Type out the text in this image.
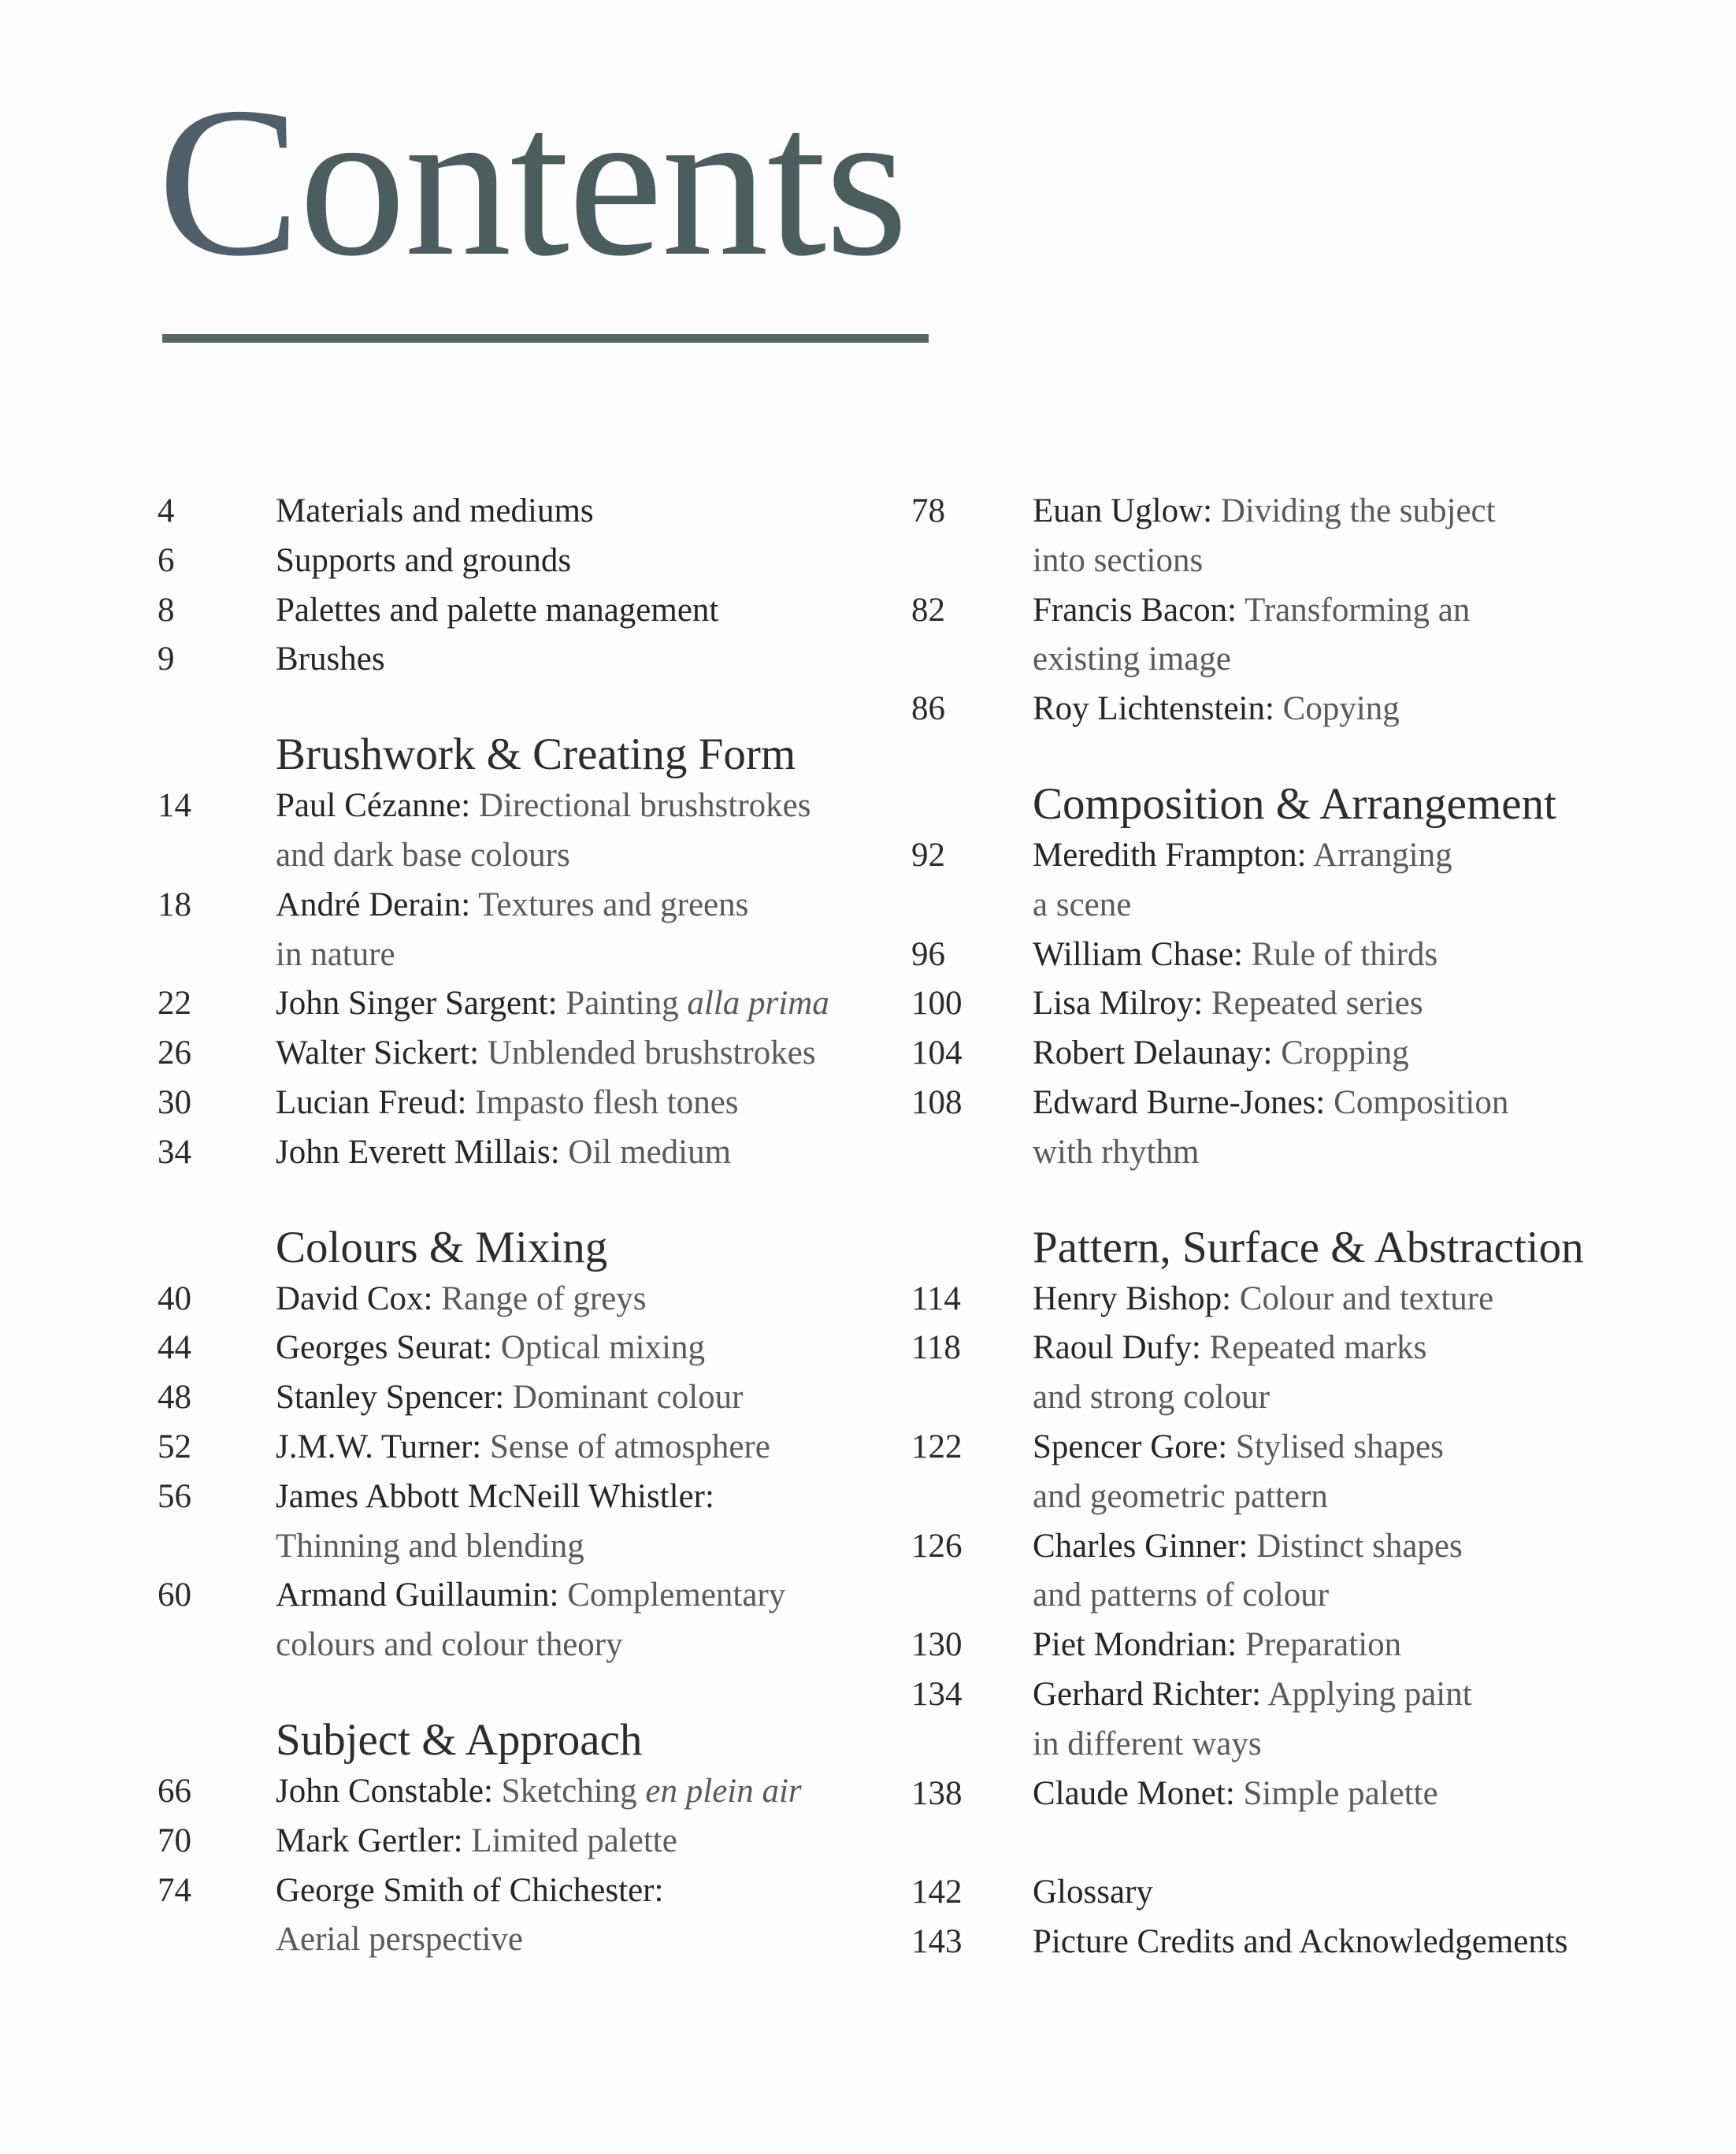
Contents
4	Materials and mediums
6	Supports and grounds
8	Palettes and palette management
9	Brushes
Brushwork & Creating Form
14	Paul Cézanne: Directional brushstrokes
and dark base colours
18	André Derain: Textures and greens
in nature
22	John Singer Sargent: Painting alla prima
26	Walter Sickert: Unblended brushstrokes
30	Lucian Freud: Impasto flesh tones
34	John Everett Millais: Oil medium
Colours & Mixing
40	David Cox: Range of greys
44	Georges Seurat: Optical mixing
48	Stanley Spencer: Dominant colour
52	J.M.W. Turner: Sense of atmosphere
56	James Abbott McNeill Whistler:
Thinning and blending
60	Armand Guillaumin: Complementary
colours and colour theory
Subject & Approach
66	John Constable: Sketching en plein air
70	Mark Gertler: Limited palette
74	George Smith of Chichester:
Aerial perspective
78	Euan Uglow: Dividing the subject
into sections
82	Francis Bacon: Transforming an
existing image
86	Roy Lichtenstein: Copying
Composition & Arrangement
92	Meredith Frampton: Arranging
a scene
96	William Chase: Rule of thirds
100	Lisa Milroy: Repeated series
104	Robert Delaunay: Cropping
108	Edward Burne-Jones: Composition
with rhythm
Pattern, Surface & Abstraction
114	Henry Bishop: Colour and texture
118	Raoul Dufy: Repeated marks
and strong colour
122	Spencer Gore: Stylised shapes
and geometric pattern
126	Charles Ginner: Distinct shapes
and patterns of colour
130	Piet Mondrian: Preparation
134	Gerhard Richter: Applying paint
in different ways
138	Claude Monet: Simple palette
142	Glossary
143	Picture Credits and Acknowledgements
